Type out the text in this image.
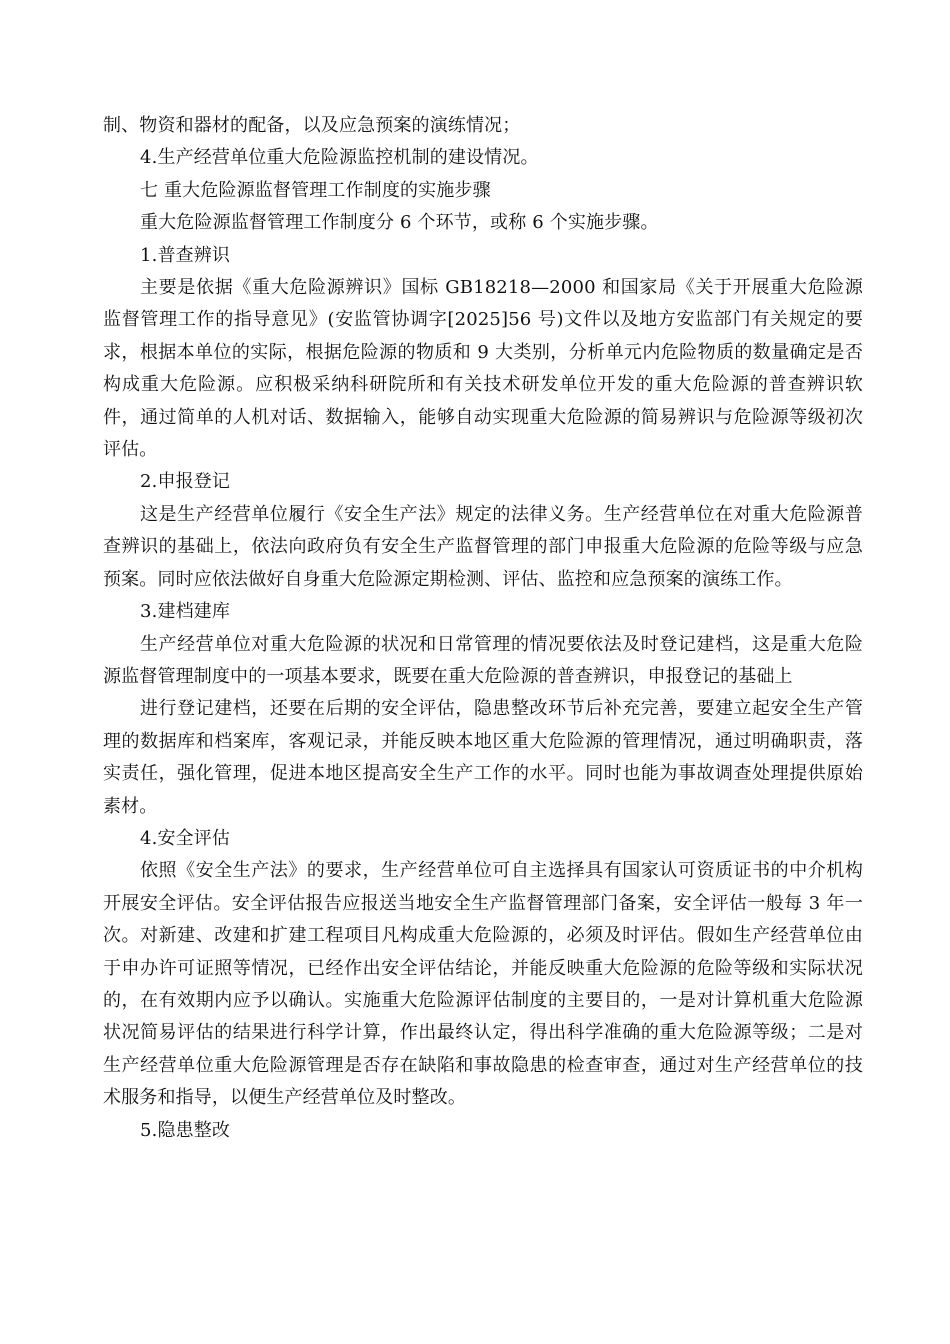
制、物资和器材的配备，以及应急预案的演练情况；

4.生产经营单位重大危险源监控机制的建设情况。

七 重大危险源监督管理工作制度的实施步骤

重大危险源监督管理工作制度分 6 个环节，或称 6 个实施步骤。

1.普查辨识

主要是依据《重大危险源辨识》国标 GB18218—2000 和国家局《关于开展重大危险源监督管理工作的指导意见》(安监管协调字[2025]56 号)文件以及地方安监部门有关规定的要求，根据本单位的实际，根据危险源的物质和 9 大类别，分析单元内危险物质的数量确定是否构成重大危险源。应积极采纳科研院所和有关技术研发单位开发的重大危险源的普查辨识软件，通过简单的人机对话、数据输入，能够自动实现重大危险源的简易辨识与危险源等级初次评估。

2.申报登记

这是生产经营单位履行《安全生产法》规定的法律义务。生产经营单位在对重大危险源普查辨识的基础上，依法向政府负有安全生产监督管理的部门申报重大危险源的危险等级与应急预案。同时应依法做好自身重大危险源定期检测、评估、监控和应急预案的演练工作。

3.建档建库

生产经营单位对重大危险源的状况和日常管理的情况要依法及时登记建档，这是重大危险源监督管理制度中的一项基本要求，既要在重大危险源的普查辨识，申报登记的基础上

进行登记建档，还要在后期的安全评估，隐患整改环节后补充完善，要建立起安全生产管理的数据库和档案库，客观记录，并能反映本地区重大危险源的管理情况，通过明确职责，落实责任，强化管理，促进本地区提高安全生产工作的水平。同时也能为事故调查处理提供原始素材。

4.安全评估

依照《安全生产法》的要求，生产经营单位可自主选择具有国家认可资质证书的中介机构开展安全评估。安全评估报告应报送当地安全生产监督管理部门备案，安全评估一般每 3 年一次。对新建、改建和扩建工程项目凡构成重大危险源的，必须及时评估。假如生产经营单位由于申办许可证照等情况，已经作出安全评估结论，并能反映重大危险源的危险等级和实际状况的，在有效期内应予以确认。实施重大危险源评估制度的主要目的，一是对计算机重大危险源状况简易评估的结果进行科学计算，作出最终认定，得出科学准确的重大危险源等级；二是对生产经营单位重大危险源管理是否存在缺陷和事故隐患的检查审查，通过对生产经营单位的技术服务和指导，以便生产经营单位及时整改。

5.隐患整改
